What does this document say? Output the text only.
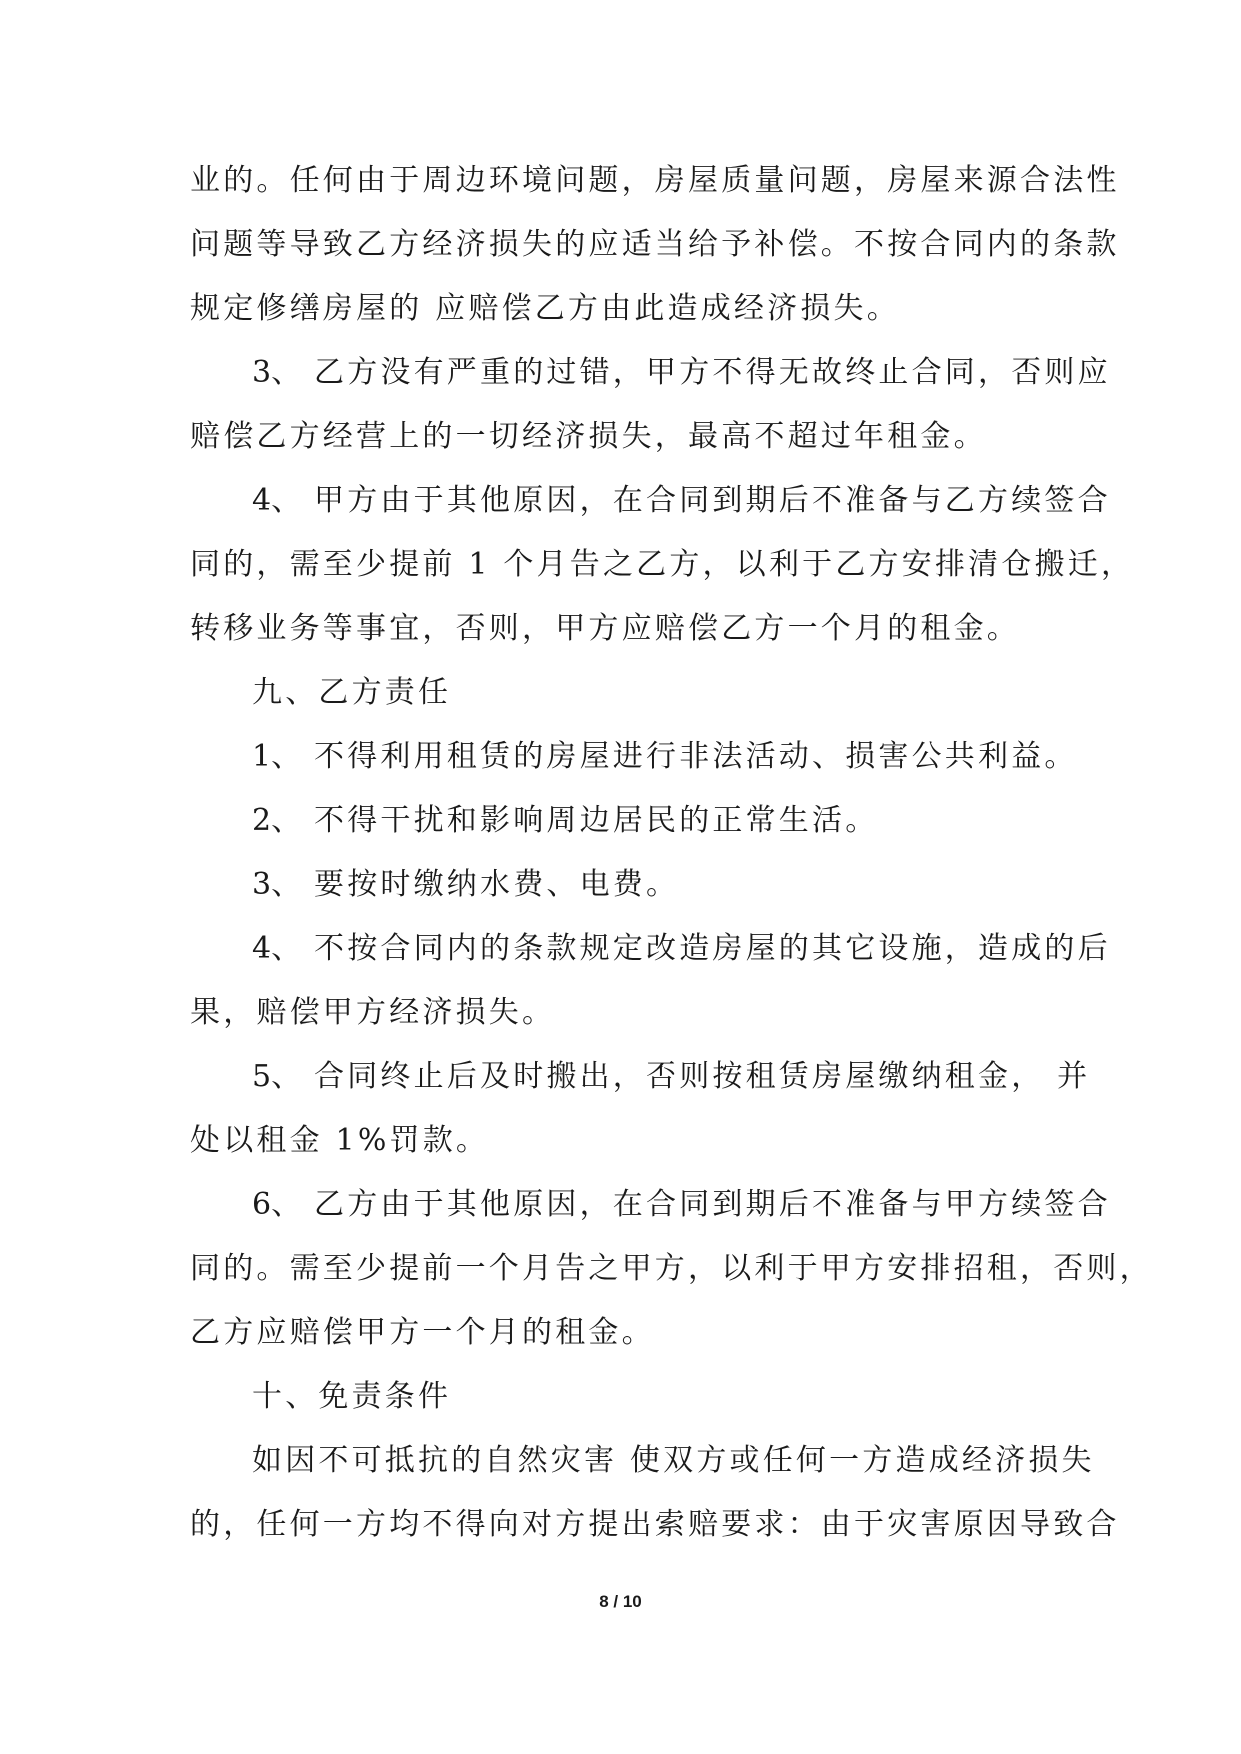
业的。任何由于周边环境问题，房屋质量问题，房屋来源合法性
问题等导致乙方经济损失的应适当给予补偿。不按合同内的条款
规定修缮房屋的 应赔偿乙方由此造成经济损失。
3、 乙方没有严重的过错，甲方不得无故终止合同，否则应
赔偿乙方经营上的一切经济损失，最高不超过年租金。
4、 甲方由于其他原因，在合同到期后不准备与乙方续签合
同的，需至少提前 1 个月告之乙方，以利于乙方安排清仓搬迁，
转移业务等事宜，否则，甲方应赔偿乙方一个月的租金。
九、乙方责任
1、 不得利用租赁的房屋进行非法活动、损害公共利益。
2、 不得干扰和影响周边居民的正常生活。
3、 要按时缴纳水费、电费。
4、 不按合同内的条款规定改造房屋的其它设施，造成的后
果，赔偿甲方经济损失。
5、 合同终止后及时搬出，否则按租赁房屋缴纳租金， 并
处以租金 1%罚款。
6、 乙方由于其他原因，在合同到期后不准备与甲方续签合
同的。需至少提前一个月告之甲方，以利于甲方安排招租，否则，
乙方应赔偿甲方一个月的租金。
十、免责条件
如因不可抵抗的自然灾害 使双方或任何一方造成经济损失
的，任何一方均不得向对方提出索赔要求：由于灾害原因导致合
8 / 10
